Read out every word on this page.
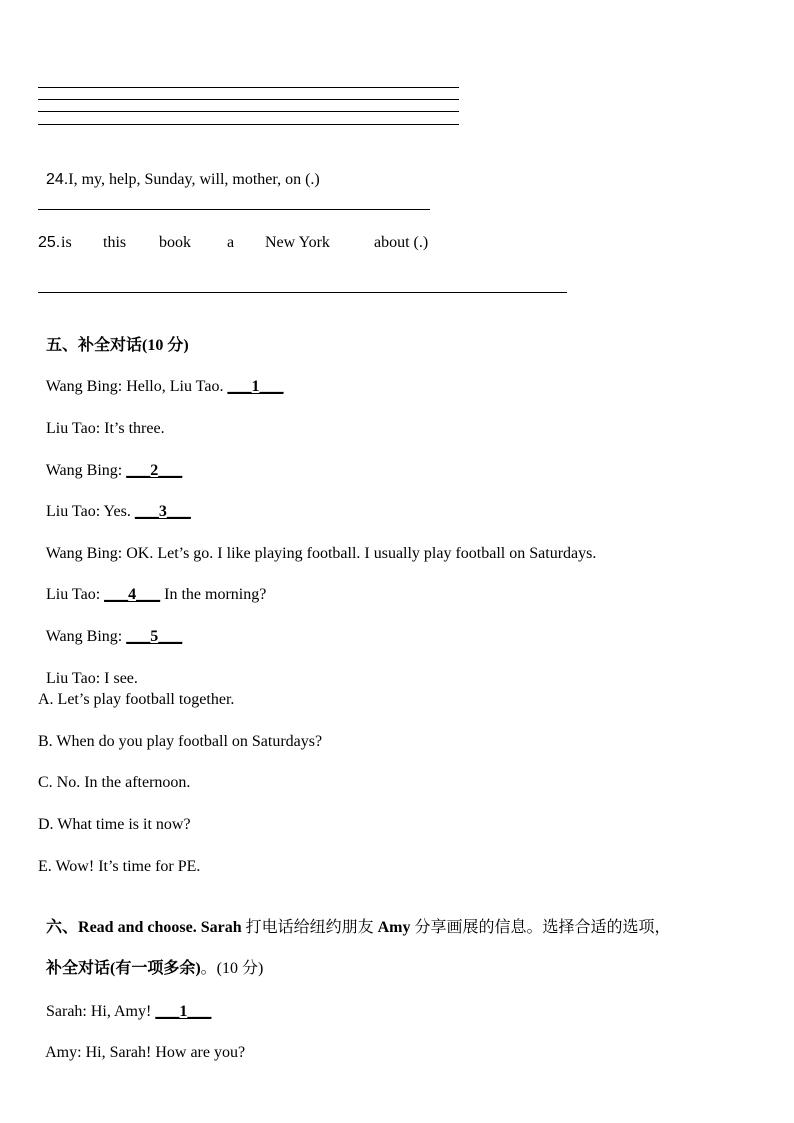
24.I, my, help, Sunday, will, mother, on (.)

25. is this book a New York	about (.)

五、补全对话(10 分)

Wang Bing: Hello, Liu Tao. ___1___

Liu Tao: It’s three.

Wang Bing: ___2___

Liu Tao: Yes. ___3___

Wang Bing: OK. Let’s go. I like playing football. I usually play football on Saturdays.

Liu Tao: ___4___ In the morning?

Wang Bing: ___5___

Liu Tao: I see.

A. Let’s play football together.
B. When do you play football on Saturdays?
C. No. In the afternoon.
D. What time is it now?
E. Wow! It’s time for PE.

六、Read and choose. Sarah 打电话给纽约朋友 Amy 分享画展的信息。选择合适的选项，

补全对话(有一项多余)。(10 分)

Sarah: Hi, Amy! ___1___

Amy: Hi, Sarah! How are you?
